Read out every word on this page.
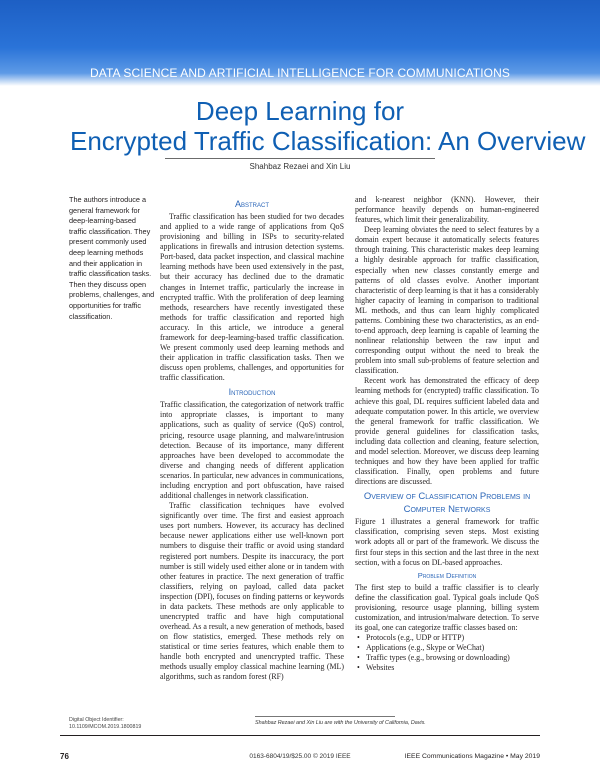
DATA SCIENCE AND ARTIFICIAL INTELLIGENCE FOR COMMUNICATIONS
Deep Learning for
Encrypted Traffic Classification: An Overview
Shahbaz Rezaei and Xin Liu
The authors introduce a
general framework for
deep-learning-based
traffic classification. They
present commonly used
deep learning methods
and their application in
traffic classification tasks.
Then they discuss open
problems, challenges, and
opportunities for traffic
classification.
Abstract

Traffic classification has been studied for two decades and applied to a wide range of applications from QoS provisioning and billing in ISPs to security-related applications in firewalls and intrusion detection systems. Port-based, data packet inspection, and classical machine learning methods have been used extensively in the past, but their accuracy has declined due to the dramatic changes in Internet traffic, particularly the increase in encrypted traffic. With the proliferation of deep learning methods, researchers have recently investigated these methods for traffic classification and reported high accuracy. In this article, we introduce a general framework for deep-learning-based traffic classification. We present commonly used deep learning methods and their application in traffic classification tasks. Then we discuss open problems, challenges, and opportunities for traffic classification.

Introduction

Traffic classification, the categorization of network traffic into appropriate classes, is important to many applications, such as quality of service (QoS) control, pricing, resource usage planning, and malware/intrusion detection. Because of its importance, many different approaches have been developed to accommodate the diverse and changing needs of different application scenarios. In particular, new advances in communications, including encryption and port obfuscation, have raised additional challenges in network classification.

Traffic classification techniques have evolved significantly over time. The first and easiest approach uses port numbers. However, its accuracy has declined because newer applications either use well-known port numbers to disguise their traffic or avoid using standard registered port numbers. Despite its inaccuracy, the port number is still widely used either alone or in tandem with other features in practice. The next generation of traffic classifiers, relying on payload, called data packet inspection (DPI), focuses on finding patterns or keywords in data packets. These methods are only applicable to unencrypted traffic and have high computational overhead. As a result, a new generation of methods, based on flow statistics, emerged. These methods rely on statistical or time series features, which enable them to handle both encrypted and unencrypted traffic. These methods usually employ classical machine learning (ML) algorithms, such as random forest (RF)

and k-nearest neighbor (KNN). However, their performance heavily depends on human-engineered features, which limit their generalizability.

Deep learning obviates the need to select features by a domain expert because it automatically selects features through training. This characteristic makes deep learning a highly desirable approach for traffic classification, especially when new classes constantly emerge and patterns of old classes evolve. Another important characteristic of deep learning is that it has a considerably higher capacity of learning in comparison to traditional ML methods, and thus can learn highly complicated patterns. Combining these two characteristics, as an end-to-end approach, deep learning is capable of learning the nonlinear relationship between the raw input and corresponding output without the need to break the problem into small sub-problems of feature selection and classification.

Recent work has demonstrated the efficacy of deep learning methods for (encrypted) traffic classification. To achieve this goal, DL requires sufficient labeled data and adequate computation power. In this article, we overview the general framework for traffic classification. We provide general guidelines for classification tasks, including data collection and cleaning, feature selection, and model selection. Moreover, we discuss deep learning techniques and how they have been applied for traffic classification. Finally, open problems and future directions are discussed.

Overview of Classification Problems in
Computer Networks

Figure 1 illustrates a general framework for traffic classification, comprising seven steps. Most existing work adopts all or part of the framework. We discuss the first four steps in this section and the last three in the next section, with a focus on DL-based approaches.

Problem Definition

The first step to build a traffic classifier is to clearly define the classification goal. Typical goals include QoS provisioning, resource usage planning, billing system customization, and intrusion/malware detection. To serve its goal, one can categorize traffic classes based on:

• Protocols (e.g., UDP or HTTP)
• Applications (e.g., Skype or WeChat)
• Traffic types (e.g., browsing or downloading)
• Websites
Digital Object Identifier:
10.1109/MCOM.2019.1800819
Shahbaz Rezaei and Xin Liu are with the University of California, Davis.
76	0163-6804/19/$25.00 © 2019 IEEE	IEEE Communications Magazine • May 2019
